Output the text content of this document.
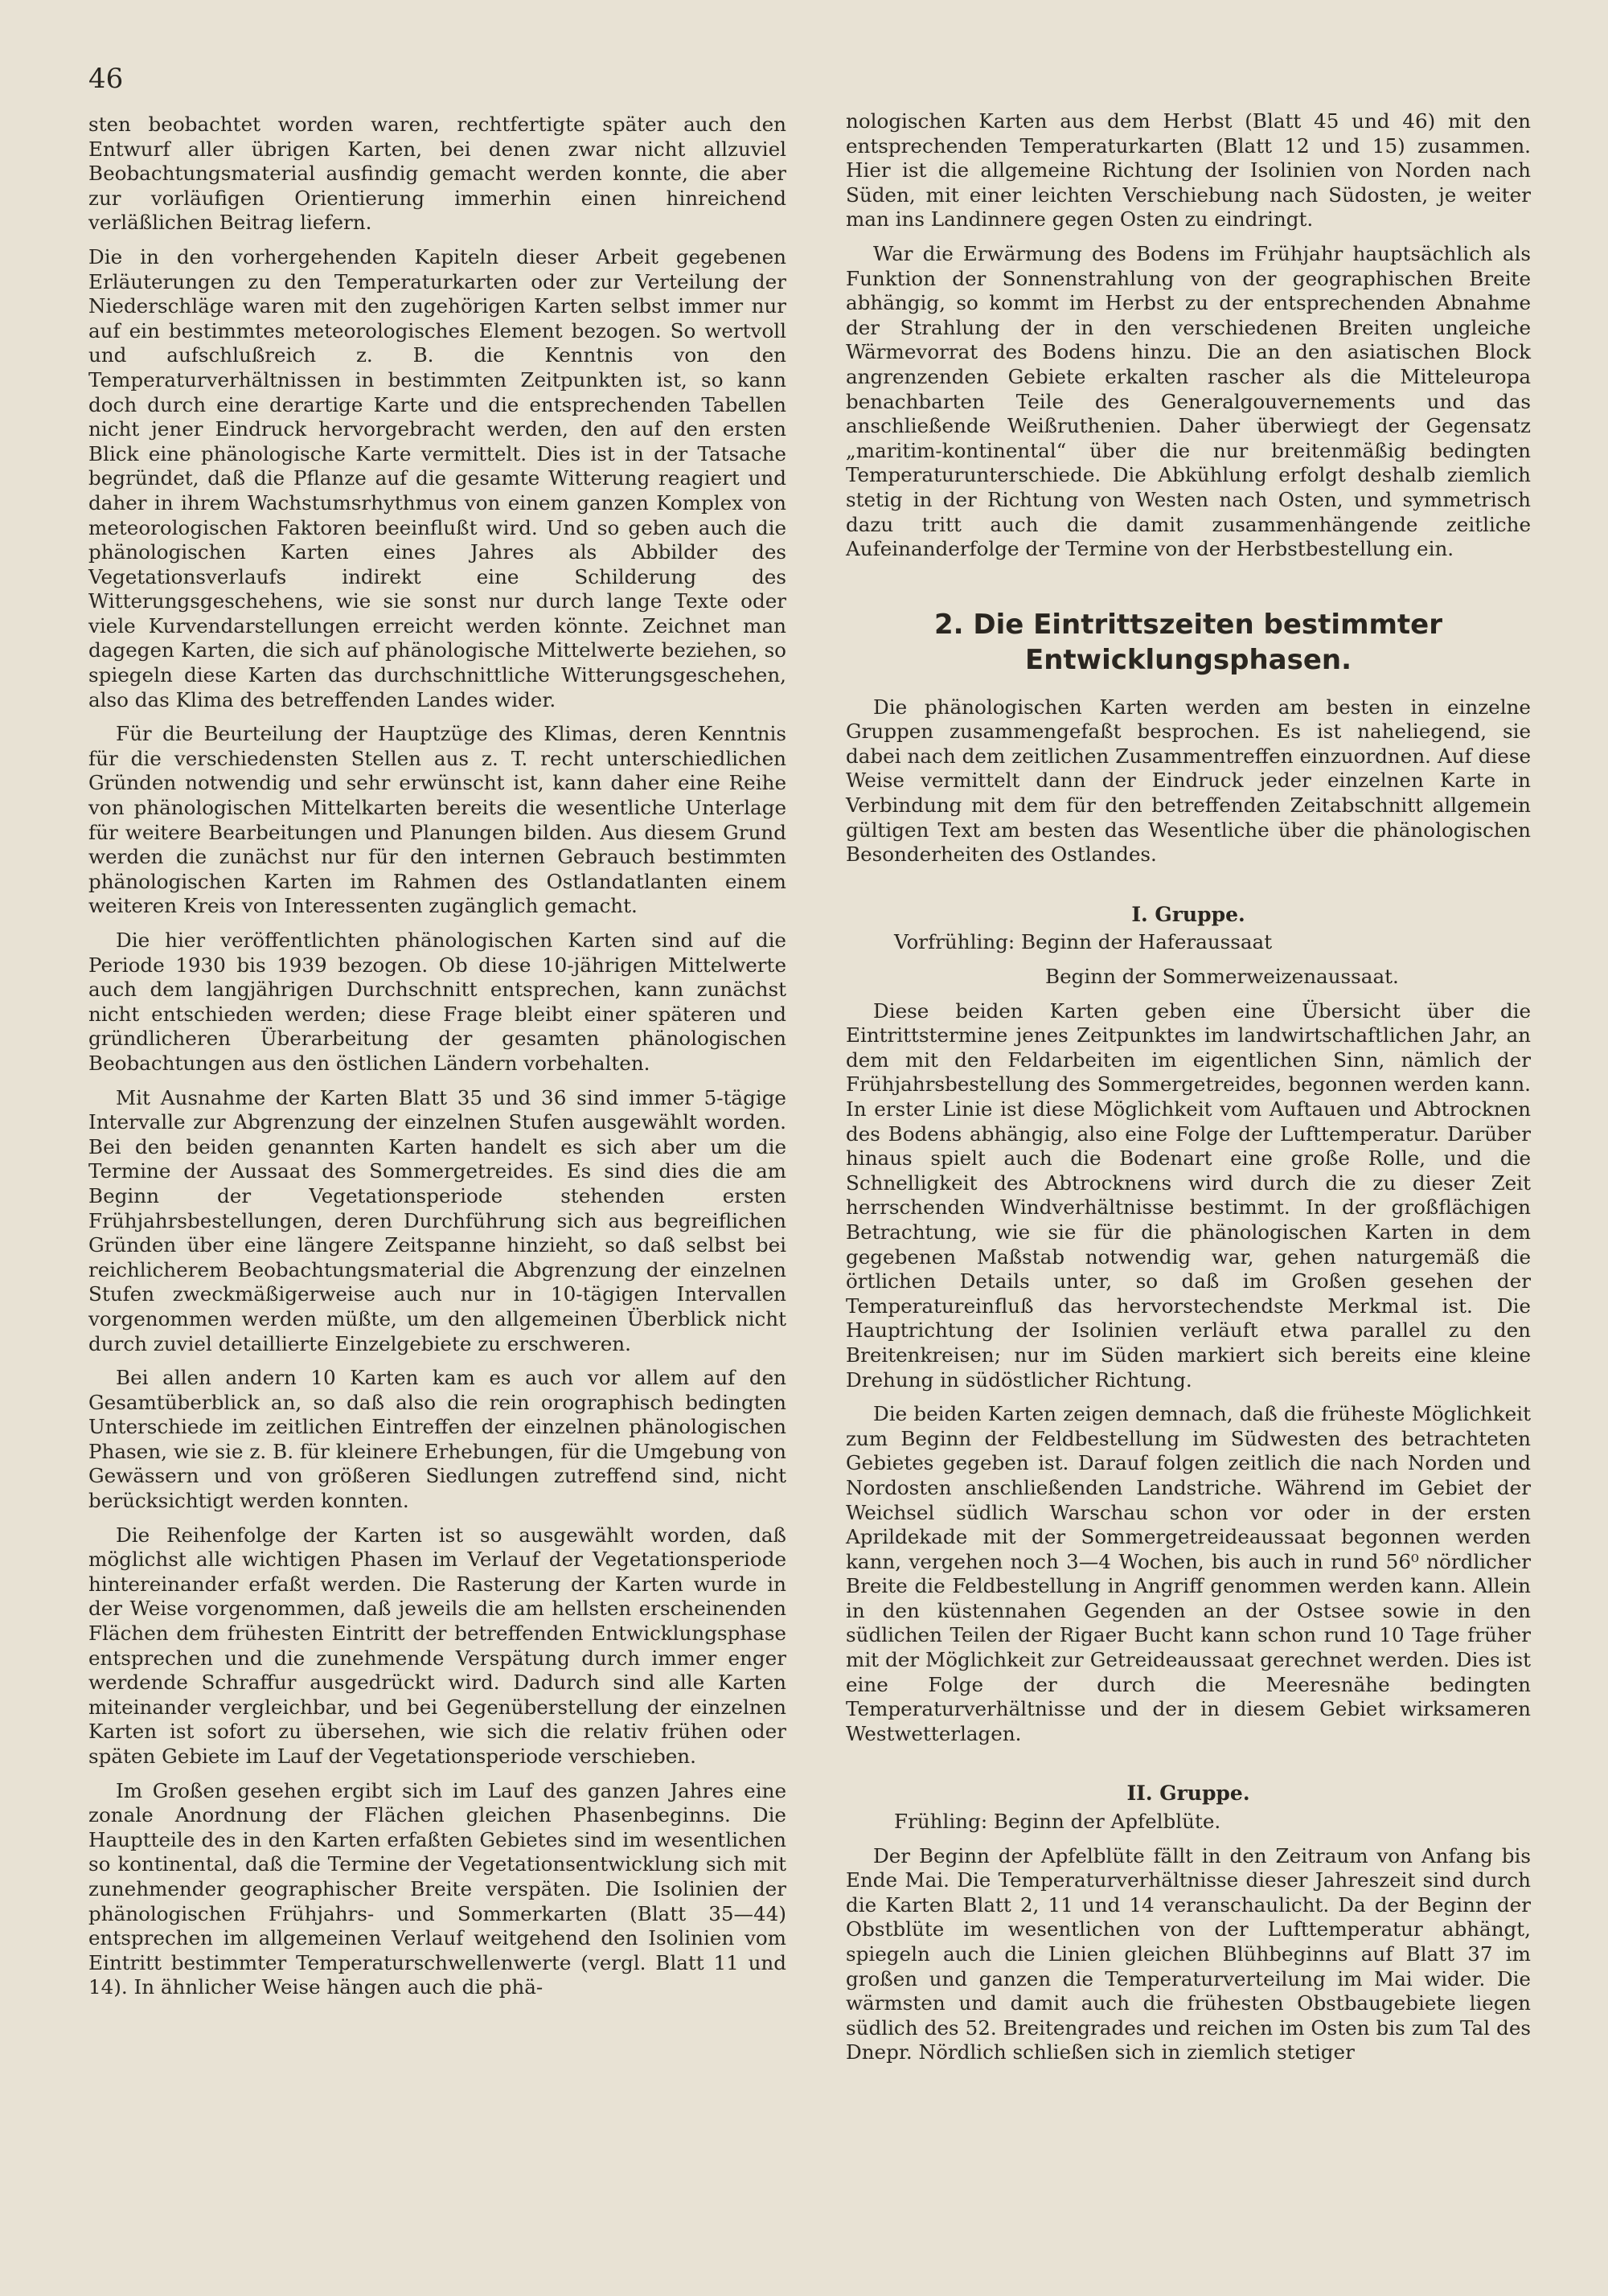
46

sten beobachtet worden waren, rechtfertigte später auch den Entwurf aller übrigen Karten, bei denen zwar nicht allzuviel Beobachtungsmaterial ausfindig gemacht werden konnte, die aber zur vorläufigen Orientierung immerhin einen hinreichend verläßlichen Beitrag liefern.

Die in den vorhergehenden Kapiteln dieser Arbeit gegebenen Erläuterungen zu den Temperaturkarten oder zur Verteilung der Niederschläge waren mit den zugehörigen Karten selbst immer nur auf ein bestimmtes meteorologisches Element bezogen. So wertvoll und aufschlußreich z. B. die Kenntnis von den Temperaturverhältnissen in bestimmten Zeitpunkten ist, so kann doch durch eine derartige Karte und die entsprechenden Tabellen nicht jener Eindruck hervorgebracht werden, den auf den ersten Blick eine phänologische Karte vermittelt. Dies ist in der Tatsache begründet, daß die Pflanze auf die gesamte Witterung reagiert und daher in ihrem Wachstumsrhythmus von einem ganzen Komplex von meteorologischen Faktoren beeinflußt wird. Und so geben auch die phänologischen Karten eines Jahres als Abbilder des Vegetationsverlaufs indirekt eine Schilderung des Witterungsgeschehens, wie sie sonst nur durch lange Texte oder viele Kurvendarstellungen erreicht werden könnte. Zeichnet man dagegen Karten, die sich auf phänologische Mittelwerte beziehen, so spiegeln diese Karten das durchschnittliche Witterungsgeschehen, also das Klima des betreffenden Landes wider.

Für die Beurteilung der Hauptzüge des Klimas, deren Kenntnis für die verschiedensten Stellen aus z. T. recht unterschiedlichen Gründen notwendig und sehr erwünscht ist, kann daher eine Reihe von phänologischen Mittelkarten bereits die wesentliche Unterlage für weitere Bearbeitungen und Planungen bilden. Aus diesem Grund werden die zunächst nur für den internen Gebrauch bestimmten phänologischen Karten im Rahmen des Ostlandatlanten einem weiteren Kreis von Interessenten zugänglich gemacht.

Die hier veröffentlichten phänologischen Karten sind auf die Periode 1930 bis 1939 bezogen. Ob diese 10-jährigen Mittelwerte auch dem langjährigen Durchschnitt entsprechen, kann zunächst nicht entschieden werden; diese Frage bleibt einer späteren und gründlicheren Überarbeitung der gesamten phänologischen Beobachtungen aus den östlichen Ländern vorbehalten.

Mit Ausnahme der Karten Blatt 35 und 36 sind immer 5-tägige Intervalle zur Abgrenzung der einzelnen Stufen ausgewählt worden. Bei den beiden genannten Karten handelt es sich aber um die Termine der Aussaat des Sommergetreides. Es sind dies die am Beginn der Vegetationsperiode stehenden ersten Frühjahrsbestellungen, deren Durchführung sich aus begreiflichen Gründen über eine längere Zeitspanne hinzieht, so daß selbst bei reichlicherem Beobachtungsmaterial die Abgrenzung der einzelnen Stufen zweckmäßigerweise auch nur in 10-tägigen Intervallen vorgenommen werden müßte, um den allgemeinen Überblick nicht durch zuviel detaillierte Einzelgebiete zu erschweren.

Bei allen andern 10 Karten kam es auch vor allem auf den Gesamtüberblick an, so daß also die rein orographisch bedingten Unterschiede im zeitlichen Eintreffen der einzelnen phänologischen Phasen, wie sie z. B. für kleinere Erhebungen, für die Umgebung von Gewässern und von größeren Siedlungen zutreffend sind, nicht berücksichtigt werden konnten.

Die Reihenfolge der Karten ist so ausgewählt worden, daß möglichst alle wichtigen Phasen im Verlauf der Vegetationsperiode hintereinander erfaßt werden. Die Rasterung der Karten wurde in der Weise vorgenommen, daß jeweils die am hellsten erscheinenden Flächen dem frühesten Eintritt der betreffenden Entwicklungsphase entsprechen und die zunehmende Verspätung durch immer enger werdende Schraffur ausgedrückt wird. Dadurch sind alle Karten miteinander vergleichbar, und bei Gegenüberstellung der einzelnen Karten ist sofort zu übersehen, wie sich die relativ frühen oder späten Gebiete im Lauf der Vegetationsperiode verschieben.

Im Großen gesehen ergibt sich im Lauf des ganzen Jahres eine zonale Anordnung der Flächen gleichen Phasenbeginns. Die Hauptteile des in den Karten erfaßten Gebietes sind im wesentlichen so kontinental, daß die Termine der Vegetationsentwicklung sich mit zunehmender geographischer Breite verspäten. Die Isolinien der phänologischen Frühjahrs- und Sommerkarten (Blatt 35—44) entsprechen im allgemeinen Verlauf weitgehend den Isolinien vom Eintritt bestimmter Temperaturschwellenwerte (vergl. Blatt 11 und 14). In ähnlicher Weise hängen auch die phä-

nologischen Karten aus dem Herbst (Blatt 45 und 46) mit den entsprechenden Temperaturkarten (Blatt 12 und 15) zusammen. Hier ist die allgemeine Richtung der Isolinien von Norden nach Süden, mit einer leichten Verschiebung nach Südosten, je weiter man ins Landinnere gegen Osten zu eindringt.

War die Erwärmung des Bodens im Frühjahr hauptsächlich als Funktion der Sonnenstrahlung von der geographischen Breite abhängig, so kommt im Herbst zu der entsprechenden Abnahme der Strahlung der in den verschiedenen Breiten ungleiche Wärmevorrat des Bodens hinzu. Die an den asiatischen Block angrenzenden Gebiete erkalten rascher als die Mitteleuropa benachbarten Teile des Generalgouvernements und das anschließende Weißruthenien. Daher überwiegt der Gegensatz „maritim-kontinental“ über die nur breitenmäßig bedingten Temperaturunterschiede. Die Abkühlung erfolgt deshalb ziemlich stetig in der Richtung von Westen nach Osten, und symmetrisch dazu tritt auch die damit zusammenhängende zeitliche Aufeinanderfolge der Termine von der Herbstbestellung ein.

2. Die Eintrittszeiten bestimmter Entwicklungsphasen.

Die phänologischen Karten werden am besten in einzelne Gruppen zusammengefaßt besprochen. Es ist naheliegend, sie dabei nach dem zeitlichen Zusammentreffen einzuordnen. Auf diese Weise vermittelt dann der Eindruck jeder einzelnen Karte in Verbindung mit dem für den betreffenden Zeitabschnitt allgemein gültigen Text am besten das Wesentliche über die phänologischen Besonderheiten des Ostlandes.

I. Gruppe.

Vorfrühling: Beginn der Haferaussaat

Beginn der Sommerweizenaussaat.

Diese beiden Karten geben eine Übersicht über die Eintrittstermine jenes Zeitpunktes im landwirtschaftlichen Jahr, an dem mit den Feldarbeiten im eigentlichen Sinn, nämlich der Frühjahrsbestellung des Sommergetreides, begonnen werden kann. In erster Linie ist diese Möglichkeit vom Auftauen und Abtrocknen des Bodens abhängig, also eine Folge der Lufttemperatur. Darüber hinaus spielt auch die Bodenart eine große Rolle, und die Schnelligkeit des Abtrocknens wird durch die zu dieser Zeit herrschenden Windverhältnisse bestimmt. In der großflächigen Betrachtung, wie sie für die phänologischen Karten in dem gegebenen Maßstab notwendig war, gehen naturgemäß die örtlichen Details unter, so daß im Großen gesehen der Temperatureinfluß das hervorstechendste Merkmal ist. Die Hauptrichtung der Isolinien verläuft etwa parallel zu den Breitenkreisen; nur im Süden markiert sich bereits eine kleine Drehung in südöstlicher Richtung.

Die beiden Karten zeigen demnach, daß die früheste Möglichkeit zum Beginn der Feldbestellung im Südwesten des betrachteten Gebietes gegeben ist. Darauf folgen zeitlich die nach Norden und Nordosten anschließenden Landstriche. Während im Gebiet der Weichsel südlich Warschau schon vor oder in der ersten Aprildekade mit der Sommergetreideaussaat begonnen werden kann, vergehen noch 3—4 Wochen, bis auch in rund 56⁰ nördlicher Breite die Feldbestellung in Angriff genommen werden kann. Allein in den küstennahen Gegenden an der Ostsee sowie in den südlichen Teilen der Rigaer Bucht kann schon rund 10 Tage früher mit der Möglichkeit zur Getreideaussaat gerechnet werden. Dies ist eine Folge der durch die Meeresnähe bedingten Temperaturverhältnisse und der in diesem Gebiet wirksameren Westwetterlagen.

II. Gruppe.

Frühling: Beginn der Apfelblüte.

Der Beginn der Apfelblüte fällt in den Zeitraum von Anfang bis Ende Mai. Die Temperaturverhältnisse dieser Jahreszeit sind durch die Karten Blatt 2, 11 und 14 veranschaulicht. Da der Beginn der Obstblüte im wesentlichen von der Lufttemperatur abhängt, spiegeln auch die Linien gleichen Blühbeginns auf Blatt 37 im großen und ganzen die Temperaturverteilung im Mai wider. Die wärmsten und damit auch die frühesten Obstbaugebiete liegen südlich des 52. Breitengrades und reichen im Osten bis zum Tal des Dnepr. Nördlich schließen sich in ziemlich stetiger
